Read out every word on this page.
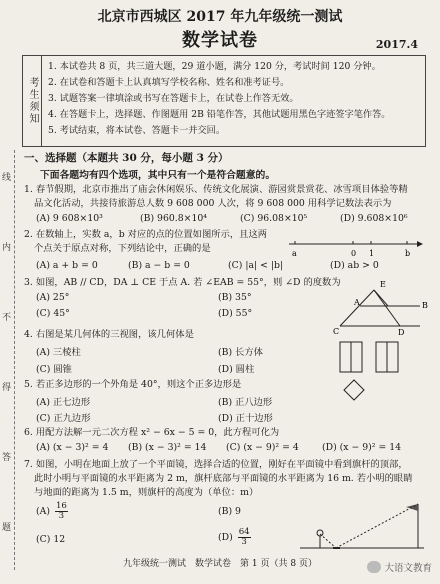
线
内
不
得
答
题
北京市西城区 2017 年九年级统一测试
数学试卷	2017.4
考生须知
1. 本试卷共 8 页，共三道大题，29 道小题，满分 120 分，考试时间 120 分钟。
2. 在试卷和答题卡上认真填写学校名称、姓名和准考证号。
3. 试题答案一律填涂或书写在答题卡上，在试卷上作答无效。
4. 在答题卡上，选择题、作图题用 2B 铅笔作答，其他试题用黑色字迹签字笔作答。
5. 考试结束，将本试卷、答题卡一并交回。
一、选择题（本题共 30 分，每小题 3 分）
下面各题均有四个选项，其中只有一个是符合题意的。
1. 春节假期，北京市推出了庙会休闲娱乐、传统文化展演、游园赏景赏花、冰雪项目体验等精
品文化活动，共接待旅游总人数 9 608 000 人次，将 9 608 000 用科学记数法表示为
(A) 9 608×10³	(B) 960.8×10⁴	(C) 96.08×10⁵	(D) 9.608×10⁶
2. 在数轴上，实数 a，b 对应的点的位置如图所示，且这两
个点关于原点对称，下列结论中，正确的是	a	0 1	b
(A) a + b = 0	(B) a − b = 0	(C) |a| < |b|	(D) ab > 0
3. 如图，AB // CD，DA ⊥ CE 于点 A. 若 ∠EAB = 55°，则 ∠D 的度数为
(A) 25°	(B) 35°
(C) 45°	(D) 55°
E
A	B
C	D
4. 右图是某几何体的三视图，该几何体是
(A) 三棱柱	(B) 长方体
(C) 圆锥	(D) 圆柱
5. 若正多边形的一个外角是 40°，则这个正多边形是
(A) 正七边形	(B) 正八边形
(C) 正九边形	(D) 正十边形
6. 用配方法解一元二次方程 x² − 6x − 5 = 0，此方程可化为
(A) (x − 3)² = 4 (B) (x − 3)² = 14 (C) (x − 9)² = 4 (D) (x − 9)² = 14
7. 如图，小明在地面上放了一个平面镜，选择合适的位置，刚好在平面镜中看到旗杆的顶部，
此时小明与平面镜的水平距离为 2 m，旗杆底部与平面镜的水平距离为 16 m. 若小明的眼睛
与地面的距离为 1.5 m，则旗杆的高度为（单位：m）
$(A) \frac{16}{3}$	(B) 9
(C) 12	$(D) \frac{64}{3}$
九年级统一测试　数学试卷　第 1 页（共 8 页）	大语文教育
